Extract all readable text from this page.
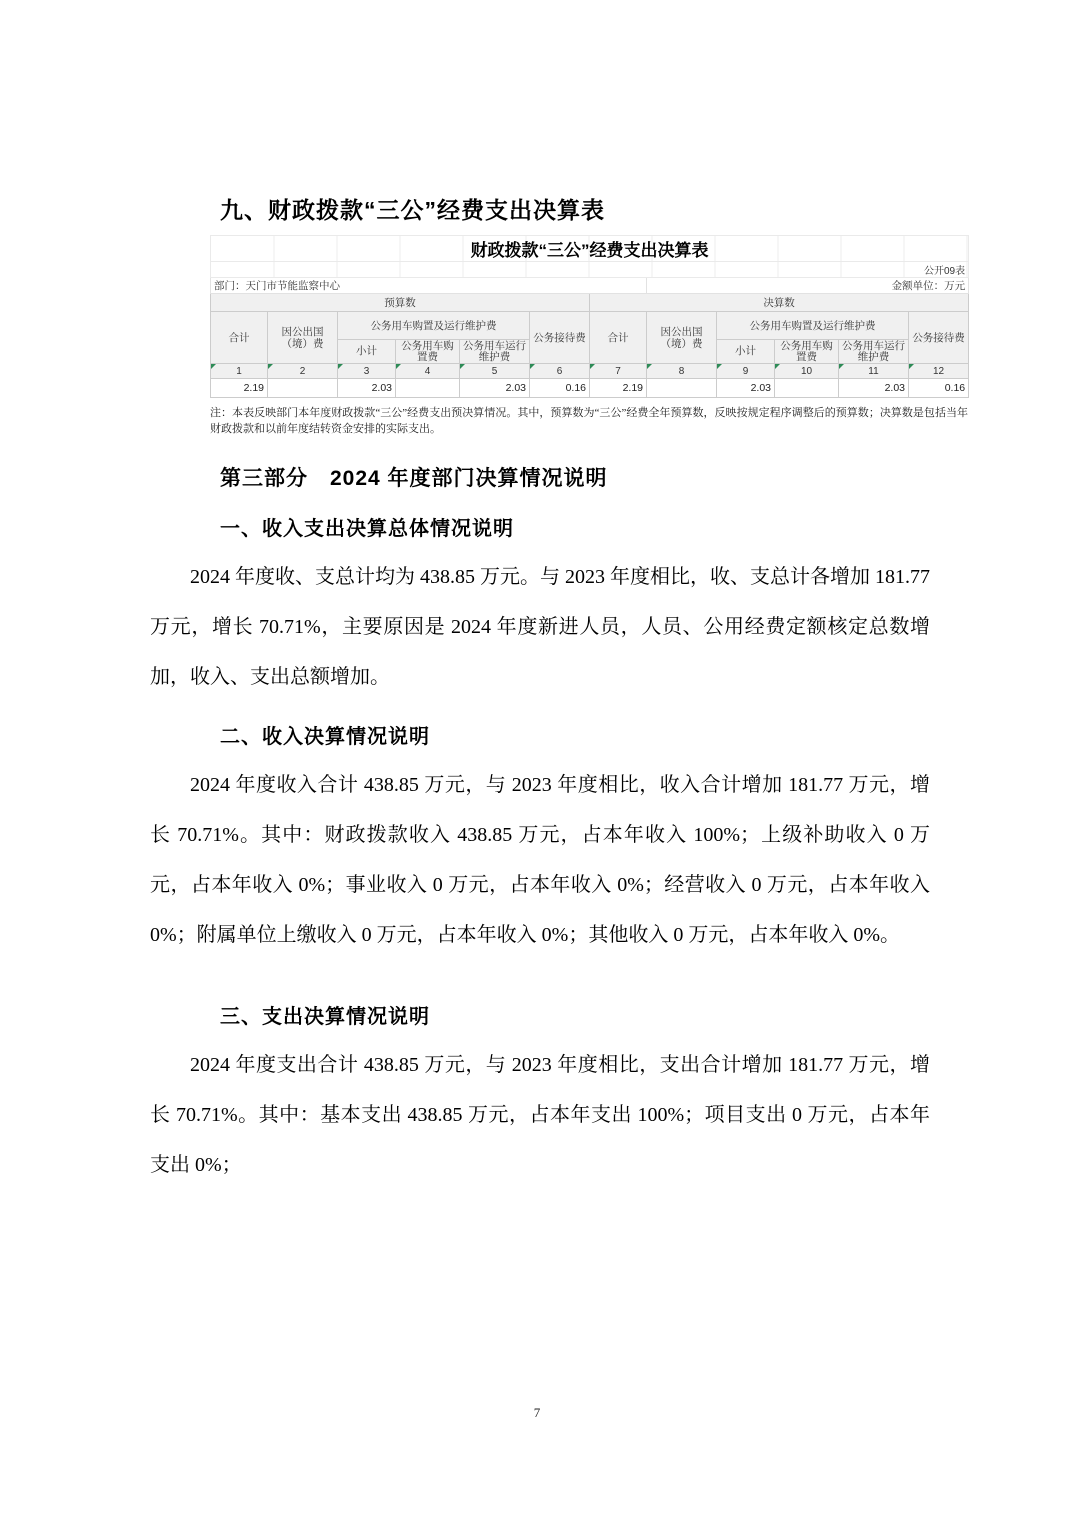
九、财政拨款“三公”经费支出决算表
财政拨款“三公”经费支出决算表											
公开09表											
部门：天门市节能监察中心							金额单位：万元				
预算数						决算数					
合计	因公出国（境）费	公务用车购置及运行维护费			公务接待费	合计	因公出国（境）费	公务用车购置及运行维护费			公务接待费
		小计	公务用车购置费	公务用车运行维护费				小计	公务用车购置费	公务用车运行维护费	

1	2	3	4	5	6	7	8	9	10	11	12
2.19		2.03		2.03	0.16	2.19		2.03		2.03	0.16
注：本表反映部门本年度财政拨款“三公”经费支出预决算情况。其中，预算数为“三公”经费全年预算数，反映按规定程序调整后的预算数；决算数是包括当年财政拨款和以前年度结转资金安排的实际支出。
第三部分　2024 年度部门决算情况说明
一、收入支出决算总体情况说明

2024 年度收、支总计均为 438.85 万元。与 2023 年度相比，收、支总计各增加 181.77 万元，增长 70.71%，主要原因是 2024 年度新进人员，人员、公用经费定额核定总数增加，收入、支出总额增加。

二、收入决算情况说明

2024 年度收入合计 438.85 万元，与 2023 年度相比，收入合计增加 181.77 万元，增长 70.71%。其中：财政拨款收入 438.85 万元，占本年收入 100%；上级补助收入 0 万元，占本年收入 0%；事业收入 0 万元，占本年收入 0%；经营收入 0 万元，占本年收入 0%；附属单位上缴收入 0 万元，占本年收入 0%；其他收入 0 万元，占本年收入 0%。

三、支出决算情况说明

2024 年度支出合计 438.85 万元，与 2023 年度相比，支出合计增加 181.77 万元，增长 70.71%。其中：基本支出 438.85 万元，占本年支出 100%；项目支出 0 万元，占本年支出 0%；

7
